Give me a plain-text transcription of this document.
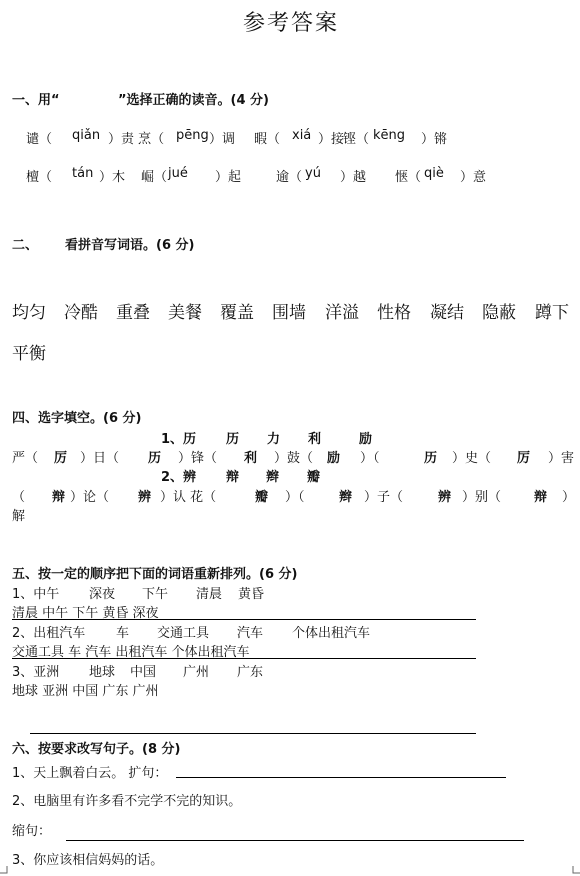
参考答案
一、用“	”选择正确的读音。(4 分)
谴（ qiǎn ）责 烹（ pēng ）调 暇（ xiá ）接
铿（ kēng ）锵
檀（ tán ）木 崛（ jué ）起	逾（ yú ）越 惬（ qiè ）意
二、 看拼音写词语。(6 分)
均匀 冷酷 重叠 美餐 覆盖 围墙 洋溢 性格 凝结 隐蔽 蹲下
平衡
四、选字填空。(6 分)
1、历 历 力 利	励
严（ 厉 ）日（ 历 ）锋（ 利 ）鼓（ 励 ）（	历 ）史（ 厉 ）害
2、辨 辩 辫 瓣
（ 辩 ）论（ 辨 ）认 花（	瓣 ）（	辫 ）子（	辨 ）别（	辩 ）
解
五、按一定的顺序把下面的词语重新排列。(6 分)
1、中午 深夜 下午 清晨 黄昏
清晨 中午 下午 黄昏 深夜
2、出租汽车 车 交通工具 汽车 个体出租汽车
交通工具 车 汽车 出租汽车 个体出租汽车
3、亚洲 地球 中国 广州 广东
地球 亚洲 中国 广东 广州
六、按要求改写句子。(8 分)
1、天上飘着白云。 扩句：
2、电脑里有许多看不完学不完的知识。
缩句：
3、你应该相信妈妈的话。
